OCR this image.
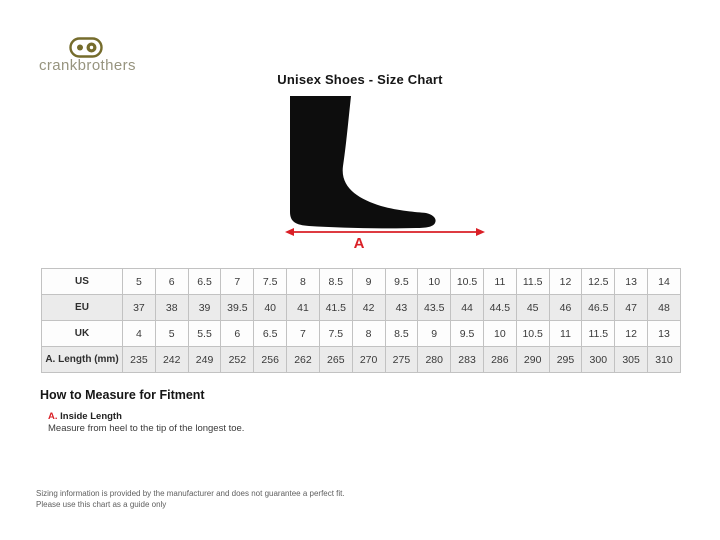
crankbrothers
Unisex Shoes - Size Chart
A
US	5	6	6.5	7	7.5	8	8.5	9	9.5	10	10.5	11	11.5	12	12.5	13	14
EU	37	38	39	39.5	40	41	41.5	42	43	43.5	44	44.5	45	46	46.5	47	48
UK	4	5	5.5	6	6.5	7	7.5	8	8.5	9	9.5	10	10.5	11	11.5	12	13
A. Length (mm)	235	242	249	252	256	262	265	270	275	280	283	286	290	295	300	305	310
How to Measure for Fitment

A. Inside Length

Measure from heel to the tip of the longest toe.

Sizing information is provided by the manufacturer and does not guarantee a perfect fit.

Please use this chart as a guide only
